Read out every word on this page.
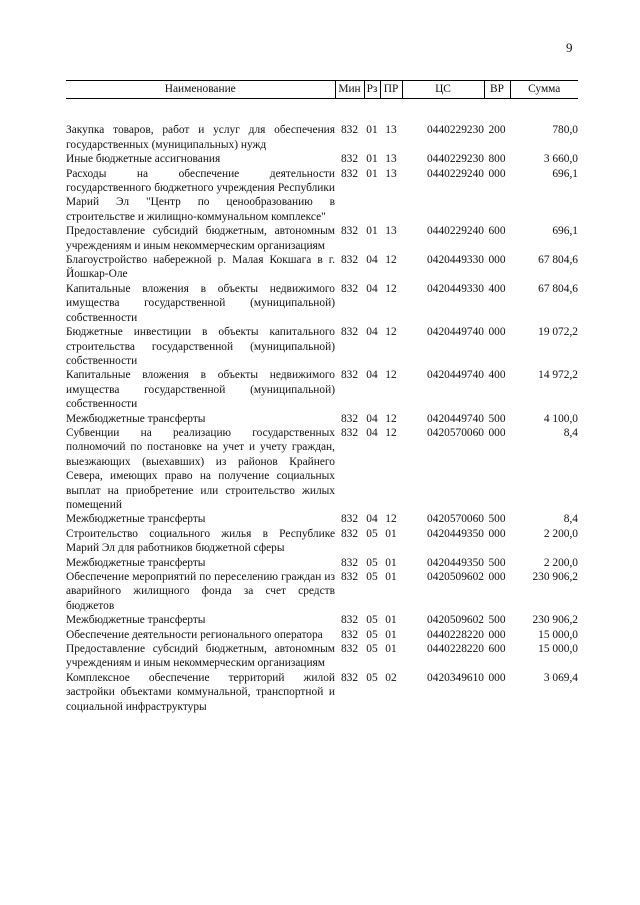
9
Наименование	Мин	Рз	ПР	ЦС	ВР	Сумма
Закупка товаров, работ и услуг для обеспечения государственных (муниципальных) нужд	832	01	13	0440229230	200	780,0
Иные бюджетные ассигнования	832	01	13	0440229230	800	3 660,0
Расходы на обеспечение деятельности государственного бюджетного учреждения Республики Марий Эл "Центр по ценообразованию в строительстве и жилищно-коммунальном комплексе"	832	01	13	0440229240	000	696,1
Предоставление субсидий бюджетным, автономным учреждениям и иным некоммерческим организациям	832	01	13	0440229240	600	696,1
Благоустройство набережной р. Малая Кокшага в г. Йошкар-Оле	832	04	12	0420449330	000	67 804,6
Капитальные вложения в объекты недвижимого имущества государственной (муниципальной) собственности	832	04	12	0420449330	400	67 804,6
Бюджетные инвестиции в объекты капитального строительства государственной (муниципальной) собственности	832	04	12	0420449740	000	19 072,2
Капитальные вложения в объекты недвижимого имущества государственной (муниципальной) собственности	832	04	12	0420449740	400	14 972,2
Межбюджетные трансферты	832	04	12	0420449740	500	4 100,0
Субвенции на реализацию государственных полномочий по постановке на учет и учету граждан, выезжающих (выехавших) из районов Крайнего Севера, имеющих право на получение социальных выплат на приобретение или строительство жилых помещений	832	04	12	0420570060	000	8,4
Межбюджетные трансферты	832	04	12	0420570060	500	8,4
Строительство социального жилья в Республике Марий Эл для работников бюджетной сферы	832	05	01	0420449350	000	2 200,0
Межбюджетные трансферты	832	05	01	0420449350	500	2 200,0
Обеспечение мероприятий по переселению граждан из аварийного жилищного фонда за счет средств бюджетов	832	05	01	0420509602	000	230 906,2
Межбюджетные трансферты	832	05	01	0420509602	500	230 906,2
Обеспечение деятельности регионального оператора	832	05	01	0440228220	000	15 000,0
Предоставление субсидий бюджетным, автономным учреждениям и иным некоммерческим организациям	832	05	01	0440228220	600	15 000,0
Комплексное обеспечение территорий жилой застройки объектами коммунальной, транспортной и социальной инфраструктуры	832	05	02	0420349610	000	3 069,4
